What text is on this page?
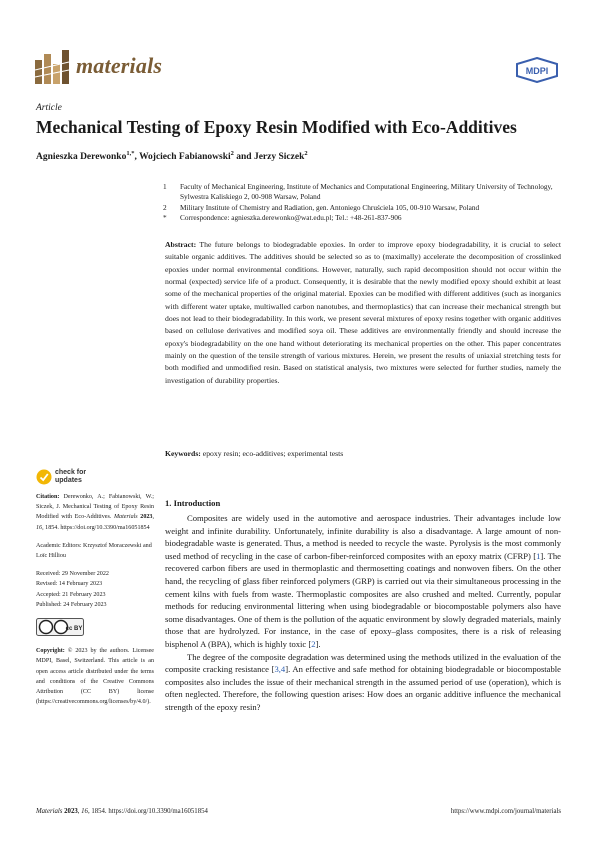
materials	MDPI
Article
Mechanical Testing of Epoxy Resin Modified with Eco-Additives
Agnieszka Derewonko$^{1,*}$, Wojciech Fabianowski$^2$ and Jerzy Siczek$^2$
1	Faculty of Mechanical Engineering, Institute of Mechanics and Computational Engineering, Military University of Technology, Sylwestra Kaliskiego 2, 00-908 Warsaw, Poland
2	Military Institute of Chemistry and Radiation, gen. Antoniego Chruściela 105, 00-910 Warsaw, Poland
*	Correspondence: agnieszka.derewonko@wat.edu.pl; Tel.: +48-261-837-906
Abstract: The future belongs to biodegradable epoxies. In order to improve epoxy biodegradability, it is crucial to select suitable organic additives. The additives should be selected so as to (maximally) accelerate the decomposition of crosslinked epoxies under normal environmental conditions. However, naturally, such rapid decomposition should not occur within the normal (expected) service life of a product. Consequently, it is desirable that the newly modified epoxy should exhibit at least some of the mechanical properties of the original material. Epoxies can be modified with different additives (such as inorganics with different water uptake, multiwalled carbon nanotubes, and thermoplastics) that can increase their mechanical strength but does not lead to their biodegradability. In this work, we present several mixtures of epoxy resins together with organic additives based on cellulose derivatives and modified soya oil. These additives are environmentally friendly and should increase the epoxy's biodegradability on the one hand without deteriorating its mechanical properties on the other. This paper concentrates mainly on the question of the tensile strength of various mixtures. Herein, we present the results of uniaxial stretching tests for both modified and unmodified resin. Based on statistical analysis, two mixtures were selected for further studies, namely the investigation of durability properties.
Keywords: epoxy resin; eco-additives; experimental tests
check for
updates
Citation: Derewonko, A.; Fabianowski, W.; Siczek, J. Mechanical Testing of Epoxy Resin Modified with Eco-Additives. Materials 2023, 16, 1854. https://doi.org/10.3390/ma16051854
Academic Editors: Krzysztof Moraczewski and Loïc Hilliou
Received: 29 November 2022
Revised: 14 February 2023
Accepted: 21 February 2023
Published: 24 February 2023
cc BY
Copyright: © 2023 by the authors. Licensee MDPI, Basel, Switzerland. This article is an open access article distributed under the terms and conditions of the Creative Commons Attribution (CC BY) license (https://creativecommons.org/licenses/by/4.0/).
1. Introduction

Composites are widely used in the automotive and aerospace industries. Their advantages include low weight and infinite durability. Unfortunately, infinite durability is also a disadvantage. A large amount of non-biodegradable waste is generated. Thus, a method is needed to recycle the waste. Pyrolysis is the most commonly used method of recycling in the case of carbon-fiber-reinforced composites with an epoxy matrix (CFRP) [1]. The recovered carbon fibers are used in thermoplastic and thermosetting coatings and nonwoven fibers. On the other hand, the recycling of glass fiber reinforced polymers (GRP) is carried out via their simultaneous processing in the cement kilns with fuels from waste. Thermoplastic composites are also crushed and melted. Currently, popular methods for reducing environmental littering when using biodegradable or biocompostable polymers also have some disadvantages. One of them is the pollution of the aquatic environment by slowly degraded materials, mainly those that are hydrolyzed. For instance, in the case of epoxy–glass composites, there is a risk of releasing bisphenol A (BPA), which is highly toxic [2].

The degree of the composite degradation was determined using the methods utilized in the evaluation of the composite cracking resistance [3,4]. An effective and safe method for obtaining biodegradable or biocompostable composites also includes the issue of their mechanical strength in the assumed period of use (operation), which is often neglected. Therefore, the following question arises: How does an organic additive influence the mechanical strength of the epoxy resin?

Materials 2023, 16, 1854. https://doi.org/10.3390/ma16051854	https://www.mdpi.com/journal/materials
